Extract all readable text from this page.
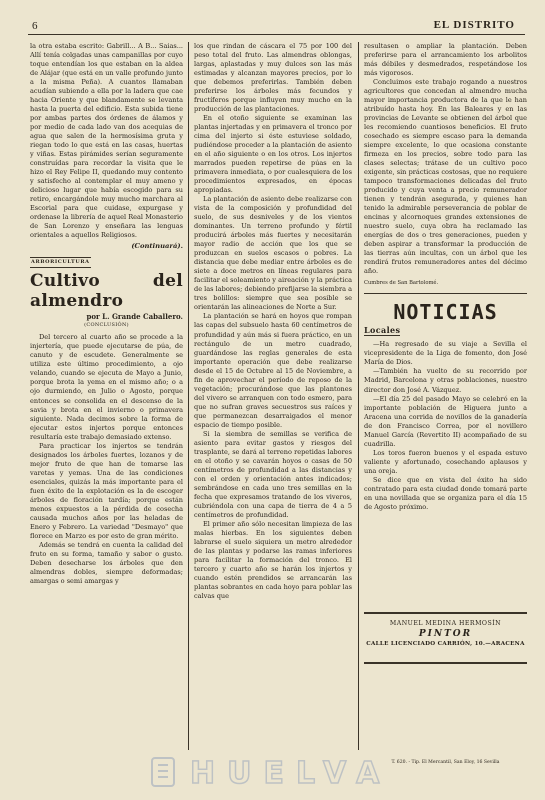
6	EL DISTRITO

la otra estaba escrito: Gabrill... A B... Saias... Allí tenía colgadas unas campanillas por cuyo toque entendían los que estaban en la aldea de Alájar (que está en un valle profundo junto a la misma Peña). A cuantos llamaban acudían subiendo a ella por la ladera que cae hacia Oriente y que blandamente se levanta hasta la puerta del edificio. Esta subida tiene por ambas partes dos órdenes de álamos y por medio de cada lado van dos acequias de agua que salen de la hermosísima gruta y riegan todo lo que está en las casas, huertas y viñas. Estas pirámides serían seguramente construídas para recordar la visita que le hizo el Rey Felipe II, quedando muy contento y satisfecho al contemplar el muy ameno y delicioso lugar que había escogido para su retiro, encargándole muy mucho marchara al Escorial para que cuidase, expurgase y ordenase la librería de aquel Real Monasterio de San Lorenzo y enseñara las lenguas orientales a aquellos Religiosos.

(Continuará).
ARBORICULTURA
Cultivo del almendro
por L. Grande Caballero.
(CONCLUSIÓN)

Del tercero al cuarto año se procede a la injertería, que puede ejecutarse de púa, de canuto y de escudete. Generalmente se utiliza este último procedimiento, a ojo velando, cuando se ejecuta de Mayo a Junio, porque brota la yema en el mismo año; o a ojo durmiendo, en Julio o Agosto, porque entonces se consolida en el descenso de la savia y brota en el invierno o primavera siguiente. Nada decimos sobre la forma de ejecutar estos injertos porque entonces resultaría este trabajo demasiado extenso.

Para practicar los injertos se tendrán designados los árboles fuertes, lozanos y de mejor fruto de que han de tomarse las varetas y yemas. Una de las condiciones esenciales, quizás la más importante para el fuen éxito de la explotación es la de escoger árboles de floración tardía; porque están menos expuestos a la pérdida de cosecha causada muchos años por las heladas de Enero y Febrero. La variedad "Desmayo" que florece en Marzo es por esto de gran mérito.

Además se tendrá en cuenta la calidad del fruto en su forma, tamaño y sabor o gusto. Deben desecharse los árboles que den almendras dobles, siempre deformadas; amargas o semi amargas y

los que rindan de cáscara el 75 por 100 del peso total del fruto. Las almendras oblongas, largas, aplastadas y muy dulces son las más estimadas y alcanzan mayores precios, por lo que debemos preferirlas. También deben preferirse los árboles más fecundos y fructíferos porque influyen muy mucho en la producción de las plantaciones.

En el otoño siguiente se examinan las plantas injertadas y en primavera el tronco por cima del injerto si éste estuviese soldado, pudiéndose proceder a la plantación de asiento en el año siguiente o en los otros. Los injertos marrados pueden repetirse de púas en la primavera inmediata, o por cualesquiera de los procedimientos expresados, en épocas apropiadas.

La plantación de asiento debe realizarse con vista de la composición y profundidad del suelo, de sus desniveles y de los vientos dominantes. Un terreno profundo y fértil producirá árboles más fuertes y necesitarán mayor radio de acción que los que se produzcan en suelos escasos o pobres. La distancia que debe mediar entre árboles es de siete a doce metros en líneas regulares para facilitar el soleamiento y aireación y la práctica de las labores; debiendo prefijarse la siembra a tres bolillos: siempre que sea posible se orientarán las alineaciones de Norte a Sur.

La plantación se hará en hoyos que rompan las capas del subsuelo hasta 60 centímetros de profundidad y aún más si fuera práctico, en un rectángulo de un metro cuadrado, guardándose las reglas generales de esta importante operación que debe realizarse desde el 15 de Octubre al 15 de Noviembre, a fin de aprovechar el período de reposo de la vegetación; procurándose que las plantones del vivero se arranquen con todo esmero, para que no sufran graves secuestros sus raíces y que permanezcan desarraigados el menor espacio de tiempo posible.

Si la siembra de semillas se verifica de asiento para evitar gastos y riesgos del trasplante, se dará al terreno repetidas labores en el otoño y se cavarán hoyos o casas de 50 centímetros de profundidad a las distancias y con el orden y orientación antes indicados; sembrándose en cada uno tres semillas en la fecha que expresamos tratando de los viveros, cubriéndola con una capa de tierra de 4 a 5 centímetros de profundidad.

El primer año sólo necesitan limpieza de las malas hierbas. En los siguientes deben labrarse el suelo siquiera un metro alrededor de las plantas y podarse las ramas inferiores para facilitar la formación del tronco. El tercero y cuarto año se harán los injertos y cuando estén prendidos se arrancarán las plantas sobrantes en cada hoyo para poblar las calvas que

resultasen o ampliar la plantación. Deben preferirse para el arrancamiento los arbolitos más débiles y desmedrados, respetándose los más vigorosos.

Concluimos este trabajo rogando a nuestros agricultores que concedan al almendro mucha mayor importancia productora de la que le han atribuído hasta hoy. En las Baleares y en las provincias de Levante se obtienen del árbol que les recomiendo cuantiosos beneficios. El fruto cosechado es siempre escaso para la demanda siempre excelente, lo que ocasiona constante firmeza en los precios, sobre todo para las clases selectas; trátase de un cultivo poco exigente, sin prácticas costosas, que no requiere tampoco transformaciones delicadas del fruto producido y cuya venta a precio remunerador tienen y tendrán asegurada, y quienes han tenido la admirable perseverancia de poblar de encinas y alcornoques grandes extensiones de nuestro suelo, cuya obra ha reclamado las energías de dos o tres generaciones, pueden y deben aspirar a transformar la producción de las tierras aún incultas, con un árbol que les rendirá frutos remuneradores antes del décimo año.

Cumbres de San Bartolomé.

NOTICIAS
Locales

—Ha regresado de su viaje a Sevilla el vicepresidente de la Liga de fomento, don José María de Dios.

—También ha vuelto de su recorrido por Madrid, Barcelona y otras poblaciones, nuestro director don José A. Vázquez.

—El día 25 del pasado Mayo se celebró en la importante población de Higuera junto a Aracena una corrida de novillos de la ganadería de don Francisco Correa, por el novillero Manuel García (Revertito II) acompañado de su cuadrilla.

Los toros fueron buenos y el espada estuvo valiente y afortunado, cosechando aplausos y una oreja.

Se dice que en vista del éxito ha sido contratado para esta ciudad donde tomará parte en una novillada que se organiza para el día 15 de Agosto próximo.

MANUEL MEDINA HERMOSÍN
PINTOR
CALLE LICENCIADO CARRIÓN, 10.—ARACENA
T. 620. - Tip. El Mercantil, San Eloy, 16 Sevilla
HUELVA
